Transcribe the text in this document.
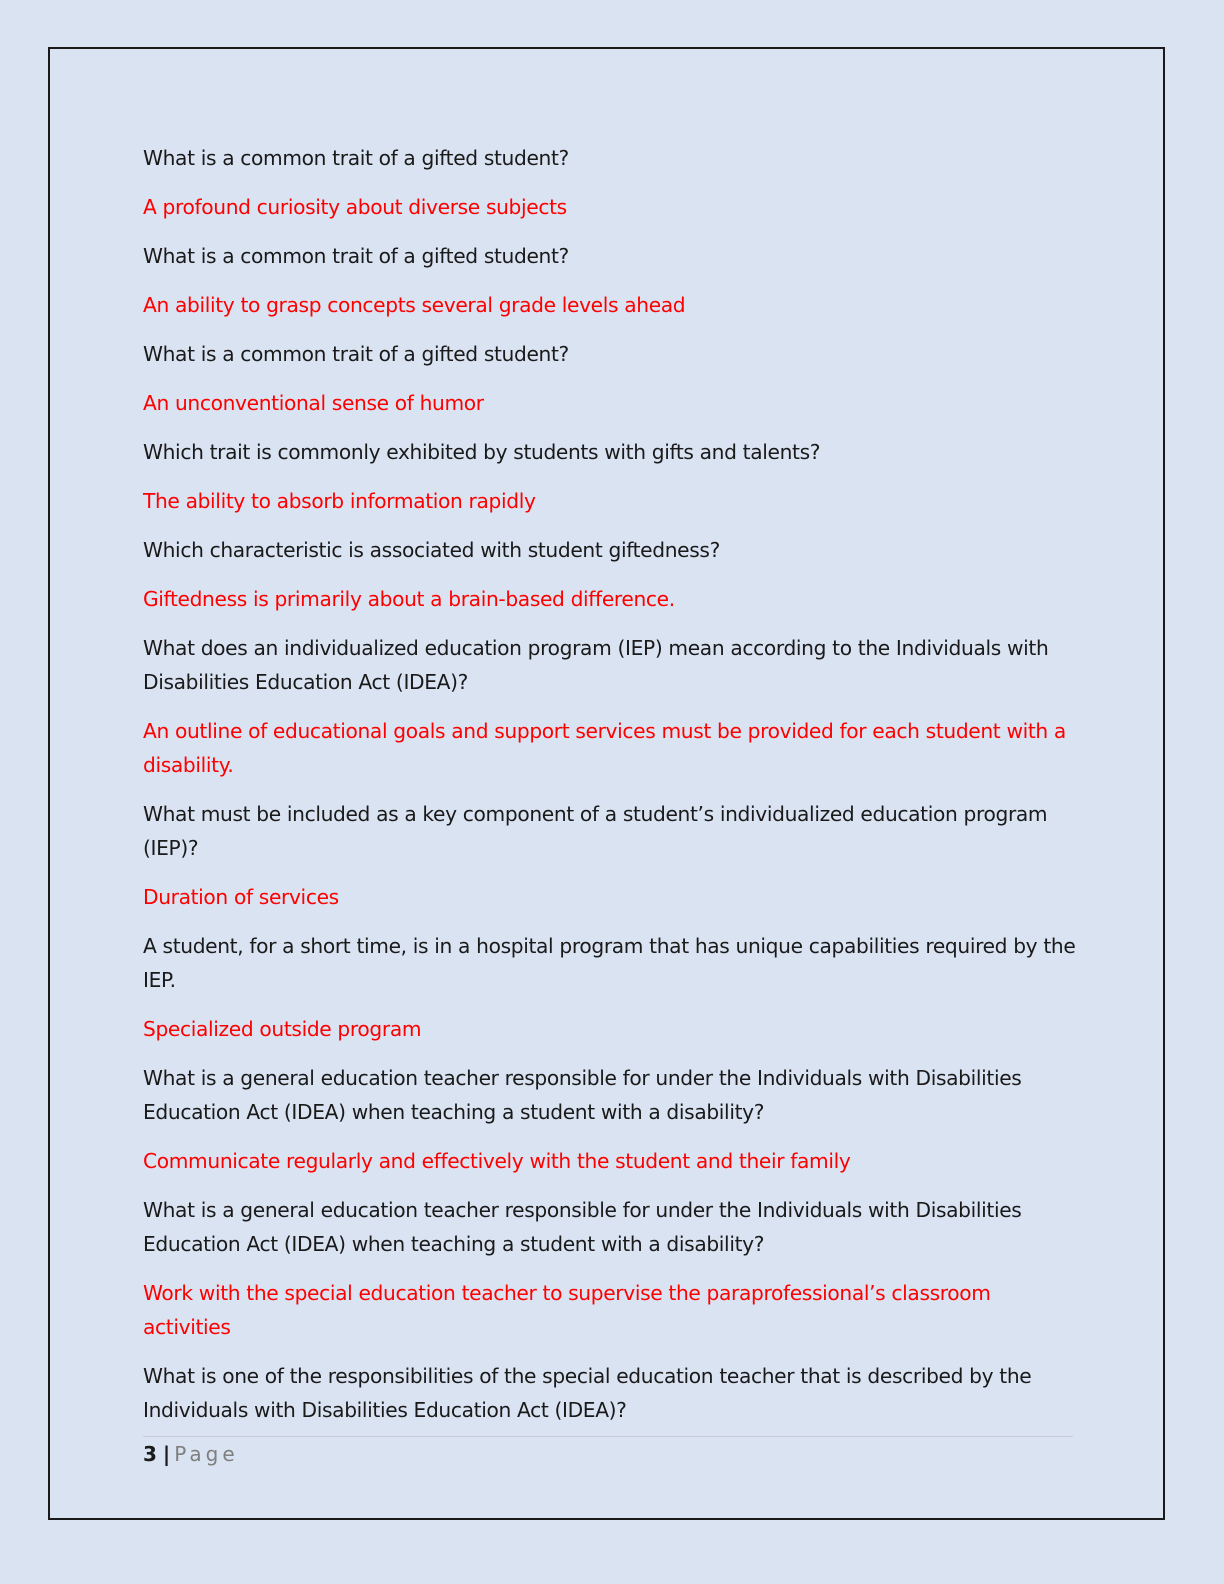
What is a common trait of a gifted student?

A profound curiosity about diverse subjects

What is a common trait of a gifted student?

An ability to grasp concepts several grade levels ahead

What is a common trait of a gifted student?

An unconventional sense of humor

Which trait is commonly exhibited by students with gifts and talents?

The ability to absorb information rapidly

Which characteristic is associated with student giftedness?

Giftedness is primarily about a brain-based difference.

What does an individualized education program (IEP) mean according to the Individuals with Disabilities Education Act (IDEA)?

An outline of educational goals and support services must be provided for each student with a disability.

What must be included as a key component of a student’s individualized education program (IEP)?

Duration of services

A student, for a short time, is in a hospital program that has unique capabilities required by the IEP.

Specialized outside program

What is a general education teacher responsible for under the Individuals with Disabilities Education Act (IDEA) when teaching a student with a disability?

Communicate regularly and effectively with the student and their family

What is a general education teacher responsible for under the Individuals with Disabilities Education Act (IDEA) when teaching a student with a disability?

Work with the special education teacher to supervise the paraprofessional’s classroom activities

What is one of the responsibilities of the special education teacher that is described by the Individuals with Disabilities Education Act (IDEA)?

3 | Page
